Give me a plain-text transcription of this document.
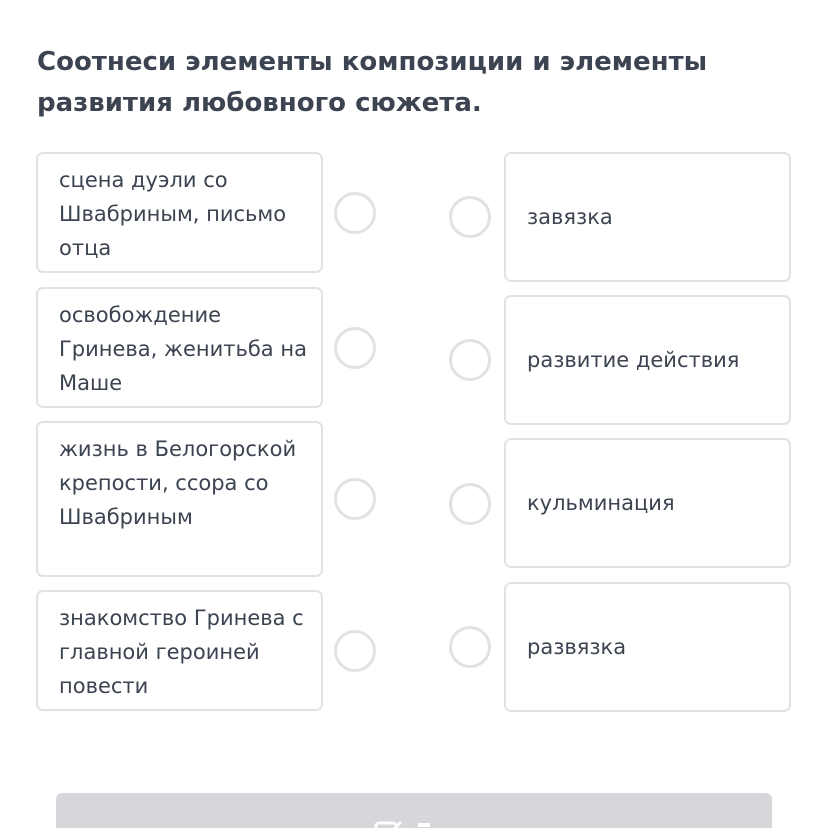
Соотнеси элементы композиции и элементы развития любовного сюжета.
сцена дуэли со Швабриным, письмо отца
освобождение Гринева, женитьба на Маше
жизнь в Белогорской крепости, ссора со Швабриным
знакомство Гринева с главной героиней повести
завязка
развитие действия
кульминация
развязка
